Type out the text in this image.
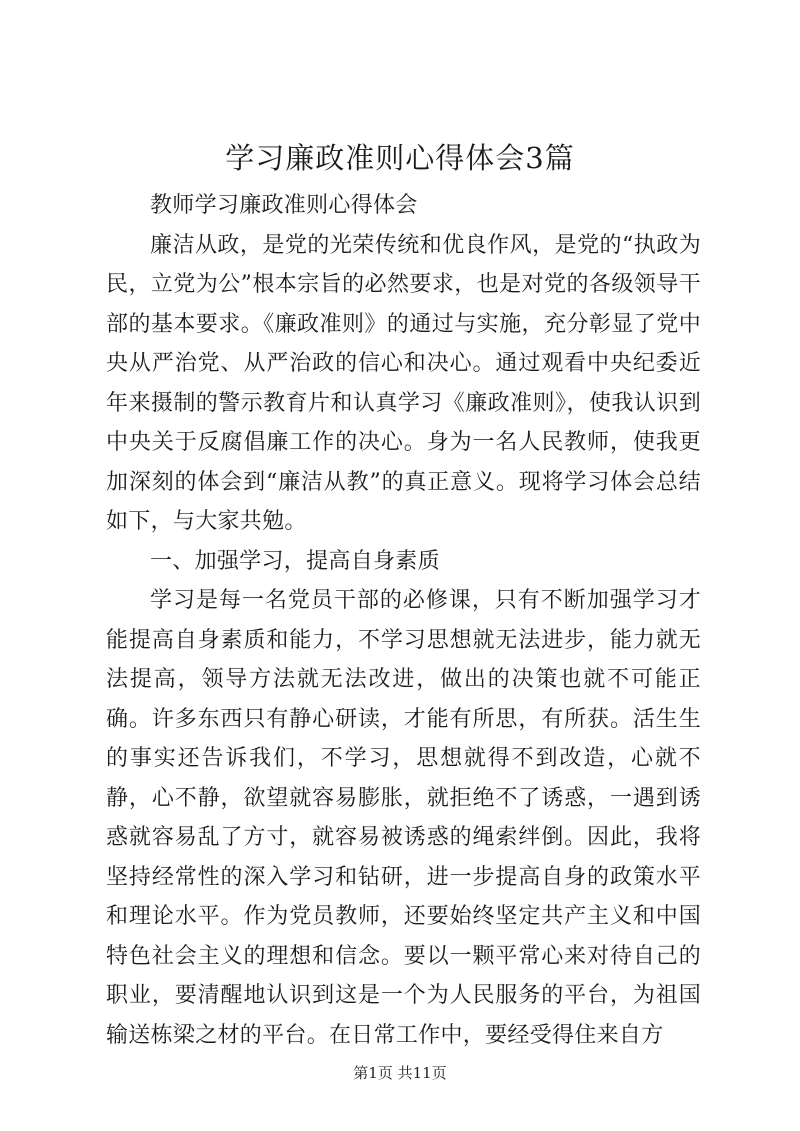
学习廉政准则心得体会3篇

教师学习廉政准则心得体会

廉洁从政，是党的光荣传统和优良作风，是党的“执政为民，立党为公”根本宗旨的必然要求，也是对党的各级领导干部的基本要求。《廉政准则》的通过与实施，充分彰显了党中央从严治党、从严治政的信心和决心。通过观看中央纪委近年来摄制的警示教育片和认真学习《廉政准则》，使我认识到中央关于反腐倡廉工作的决心。身为一名人民教师，使我更加深刻的体会到“廉洁从教”的真正意义。现将学习体会总结如下，与大家共勉。

一、加强学习，提高自身素质

学习是每一名党员干部的必修课，只有不断加强学习才能提高自身素质和能力，不学习思想就无法进步，能力就无法提高，领导方法就无法改进，做出的决策也就不可能正确。许多东西只有静心研读，才能有所思，有所获。活生生的事实还告诉我们，不学习，思想就得不到改造，心就不静，心不静，欲望就容易膨胀，就拒绝不了诱惑，一遇到诱惑就容易乱了方寸，就容易被诱惑的绳索绊倒。因此，我将坚持经常性的深入学习和钻研，进一步提高自身的政策水平和理论水平。作为党员教师，还要始终坚定共产主义和中国特色社会主义的理想和信念。要以一颗平常心来对待自己的职业，要清醒地认识到这是一个为人民服务的平台，为祖国输送栋梁之材的平台。在日常工作中，要经受得住来自方

第1页 共11页
